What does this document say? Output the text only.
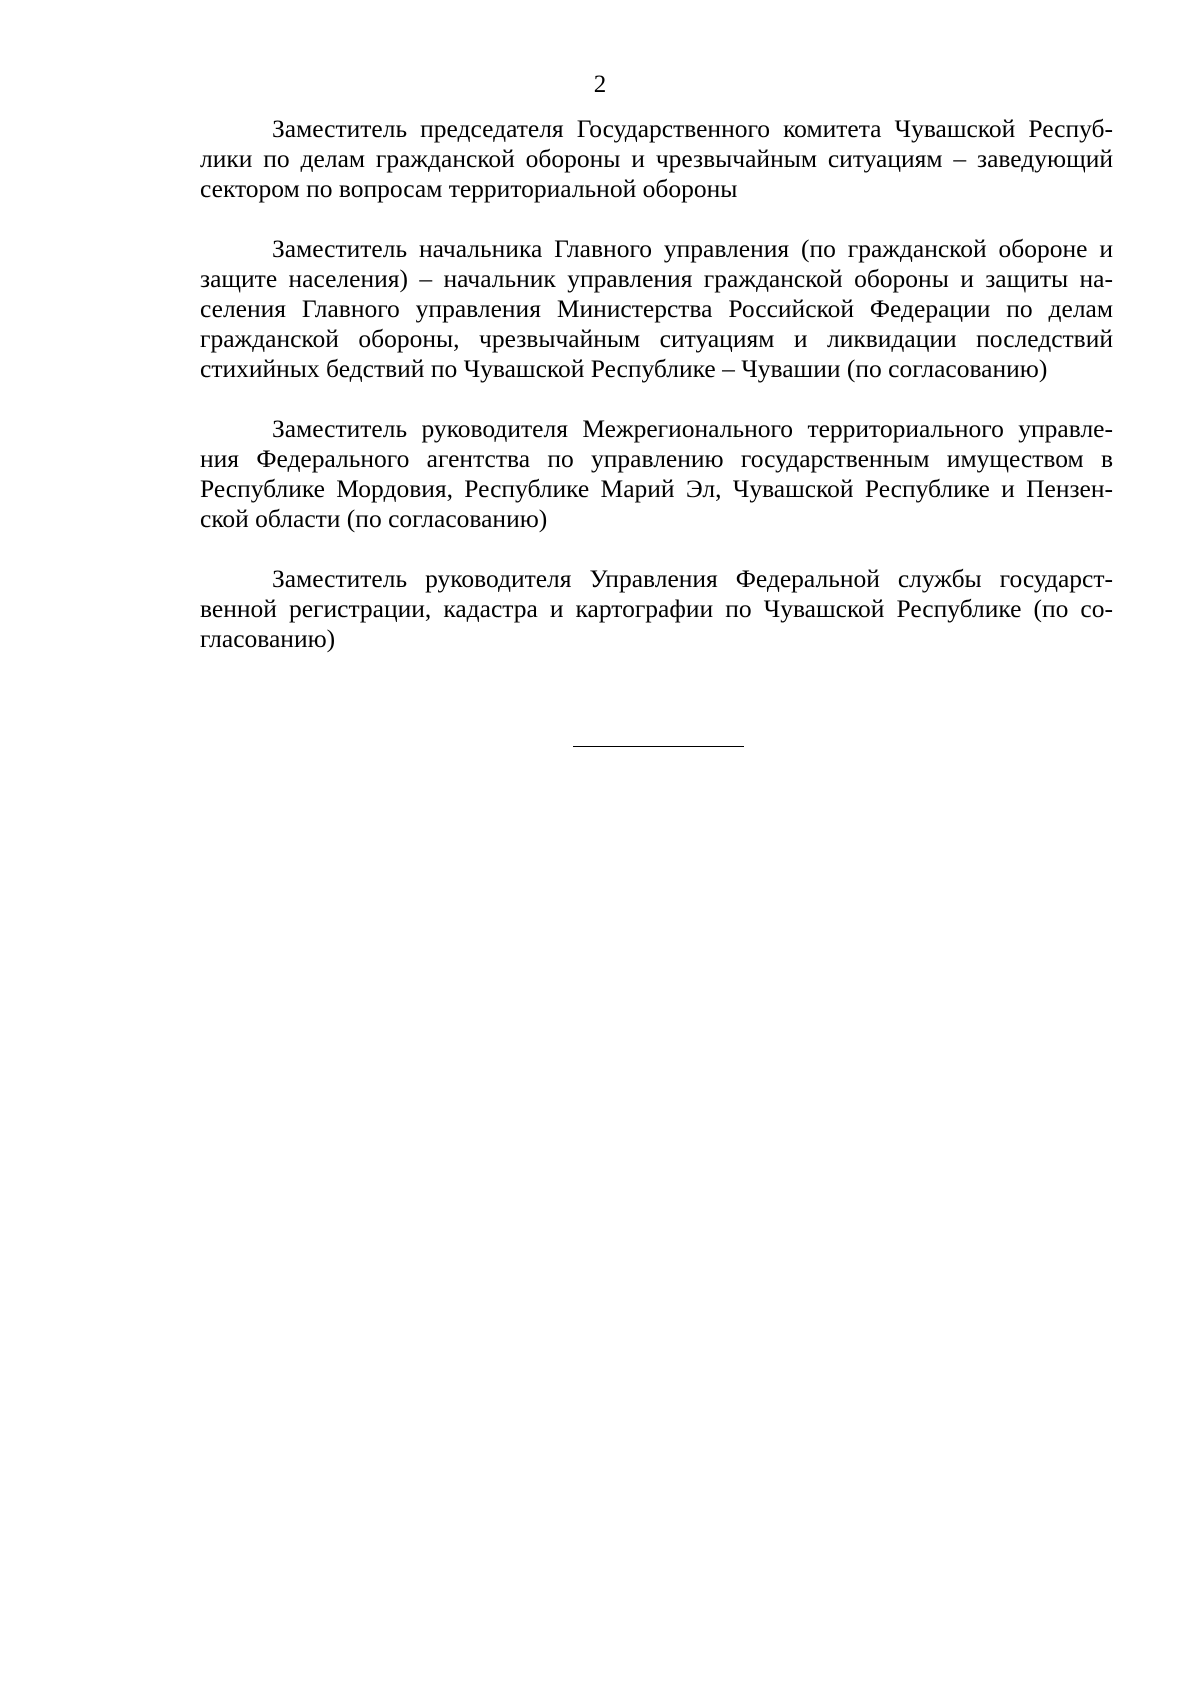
2
Заместитель председателя Государственного комитета Чувашской Респуб-
лики по делам гражданской обороны и чрезвычайным ситуациям – заведующий
сектором по вопросам территориальной обороны
Заместитель начальника Главного управления (по гражданской обороне и
защите населения) – начальник управления гражданской обороны и защиты на-
селения Главного управления Министерства Российской Федерации по делам
гражданской обороны, чрезвычайным ситуациям и ликвидации последствий
стихийных бедствий по Чувашской Республике – Чувашии (по согласованию)
Заместитель руководителя Межрегионального территориального управле-
ния Федерального агентства по управлению государственным имуществом в
Республике Мордовия, Республике Марий Эл, Чувашской Республике и Пензен-
ской области (по согласованию)
Заместитель руководителя Управления Федеральной службы государст-
венной регистрации, кадастра и картографии по Чувашской Республике (по со-
гласованию)
